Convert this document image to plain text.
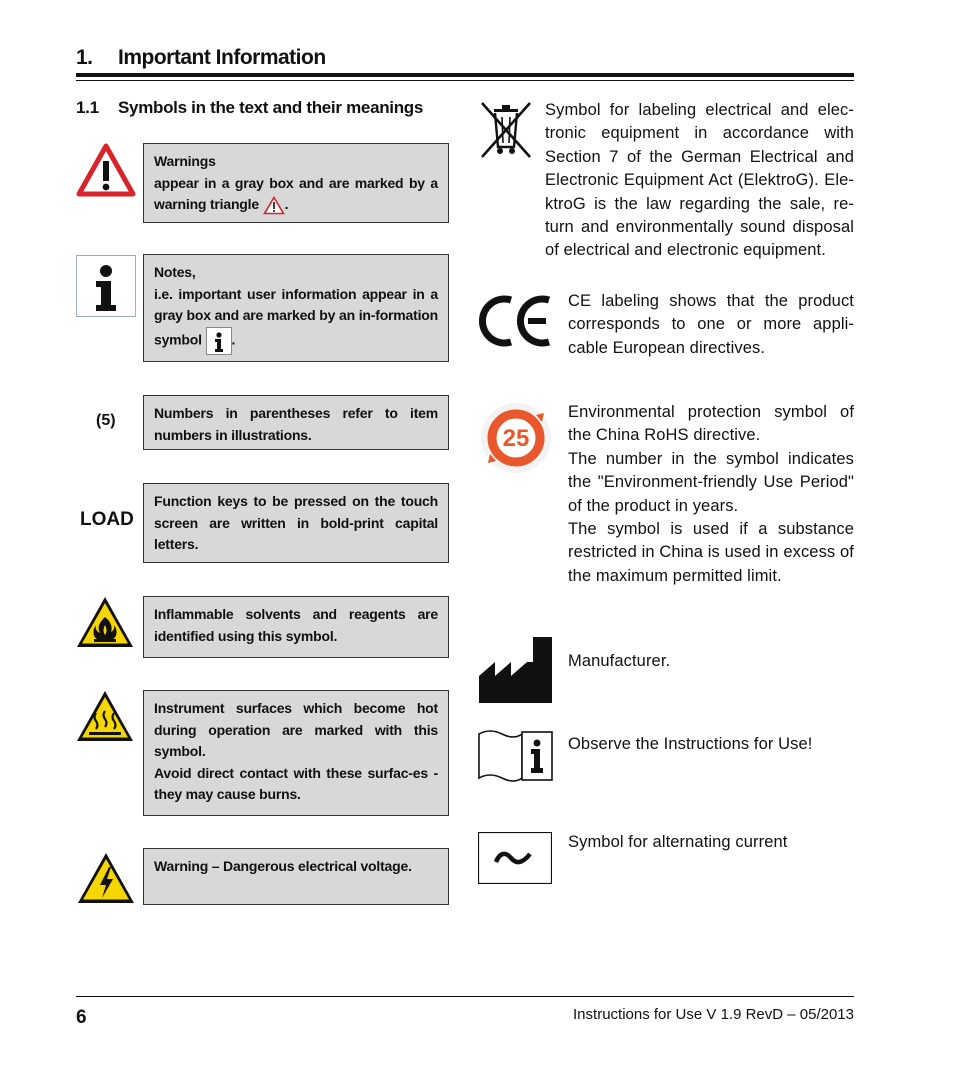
1. Important Information
1.1 Symbols in the text and their meanings
Warnings
appear in a gray box and are marked by a warning triangle .
Notes,
i.e. important user information appear in a gray box and are marked by an in-formation symbol .
(5)	Numbers in parentheses refer to item numbers in illustrations.
LOAD
Function keys to be pressed on the touch screen are written in bold-print capital letters.
Inflammable solvents and reagents are identified using this symbol.
Instrument surfaces which become hot during operation are marked with this symbol.
Avoid direct contact with these surfac-es - they may cause burns.
Warning – Dangerous electrical voltage.
Symbol for labeling electrical and elec-tronic equipment in accordance with Section 7 of the German Electrical and Electronic Equipment Act (ElektroG). Ele-ktroG is the law regarding the sale, re-turn and environmentally sound disposal of electrical and electronic equipment.
CE labeling shows that the product corresponds to one or more appli-cable European directives.
25
Environmental protection symbol of the China RoHS directive.
The number in the symbol indicates the "Environment-friendly Use Period" of the product in years.
The symbol is used if a substance restricted in China is used in excess of the maximum permitted limit.
Manufacturer.
Observe the Instructions for Use!
Symbol for alternating current
6	Instructions for Use V 1.9 RevD – 05/2013
